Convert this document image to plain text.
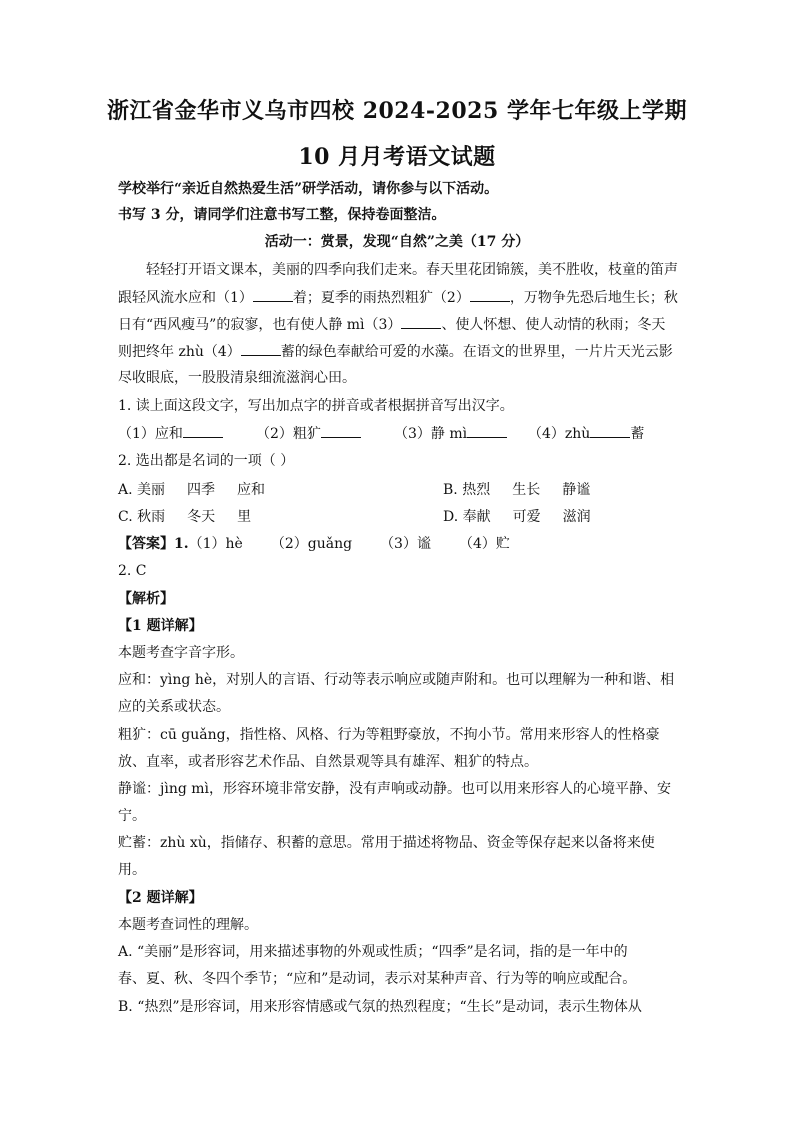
浙江省金华市义乌市四校 2024-2025 学年七年级上学期
10 月月考语文试题
学校举行“亲近自然热爱生活”研学活动，请你参与以下活动。
书写 3 分，请同学们注意书写工整，保持卷面整洁。
活动一：赏景，发现“自然”之美（17 分）
轻轻打开语文课本，美丽的四季向我们走来。春天里花团锦簇，美不胜收，枝童的笛声
跟轻风流水应和（1）	着；夏季的雨热烈粗犷（2）	，万物争先恐后地生长；秋
日有“西风瘦马”的寂寥，也有使人静 mì（3）	、使人怀想、使人动情的秋雨；冬天
则把终年 zhù（4）	蓄的绿色奉献给可爱的水藻。在语文的世界里，一片片天光云影
尽收眼底，一股股清泉细流滋润心田。
1. 读上面这段文字，写出加点字的拼音或者根据拼音写出汉字。
（1）应和	（2）粗犷	（3）静 mì	（4）zhù	蓄
2. 选出都是名词的一项（ ）
A. 美丽 四季 应和	B. 热烈 生长 静谧
C. 秋雨 冬天 里	D. 奉献 可爱 滋润
【答案】1.（1）hè （2）guǎng （3）谧 （4）贮
2. C
【解析】
【1 题详解】
本题考查字音字形。
应和：yìng hè，对别人的言语、行动等表示响应或随声附和。也可以理解为一种和谐、相
应的关系或状态。
粗犷：cū guǎng，指性格、风格、行为等粗野豪放，不拘小节。常用来形容人的性格豪
放、直率，或者形容艺术作品、自然景观等具有雄浑、粗犷的特点。
静谧：jìng mì，形容环境非常安静，没有声响或动静。也可以用来形容人的心境平静、安
宁。
贮蓄：zhù xù，指储存、积蓄的意思。常用于描述将物品、资金等保存起来以备将来使
用。
【2 题详解】
本题考查词性的理解。
A. “美丽”是形容词，用来描述事物的外观或性质；“四季”是名词，指的是一年中的
春、夏、秋、冬四个季节；“应和”是动词，表示对某种声音、行为等的响应或配合。
B. “热烈”是形容词，用来形容情感或气氛的热烈程度；“生长”是动词，表示生物体从
